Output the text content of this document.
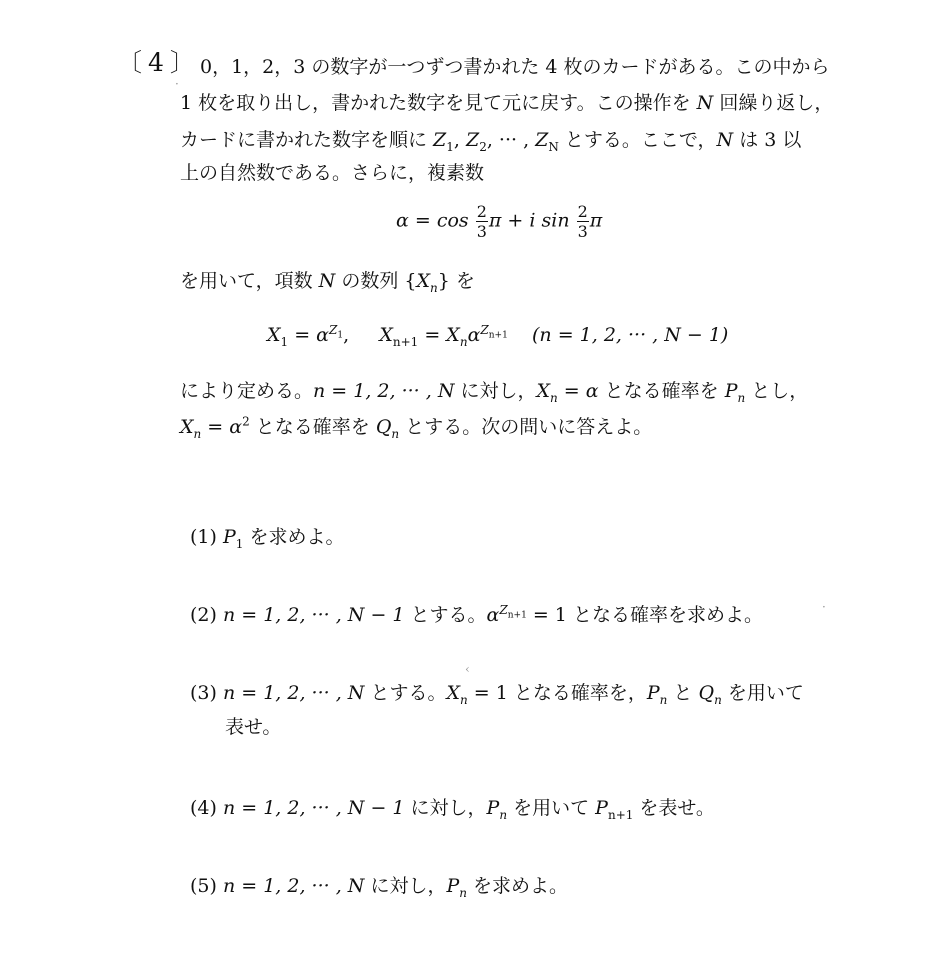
〔4〕 0，1，2，3 の数字が一つずつ書かれた 4 枚のカードがある。この中から
1 枚を取り出し，書かれた数字を見て元に戻す。この操作を N 回繰り返し，
カードに書かれた数字を順に $Z_1$, $Z_2$, ··· , $Z_N$ とする。ここで，N は 3 以
上の自然数である。さらに，複素数
$\alpha = \cos \frac{2}{3}$ π + i $\sin \frac{2}{3}$ π
を用いて，項数 N の数列 $\{X_n\}$ を
$X_1 = \alpha^{Z_1}$,     $X_{n+1} = X_n\alpha^{Z_{n+1}}$ (n = 1, 2, ··· , N − 1)
により定める。n = 1, 2, ··· , N に対し，$X_n = \alpha$ となる確率を $P_n$ とし，
$X_n = \alpha^2$ となる確率を $Q_n$ とする。次の問いに答えよ。
(1) $P_1$ を求めよ。
(2) n = 1, 2, ··· , N − 1 とする。$\alpha^{Z_{n+1}} = 1$ となる確率を求めよ。
(3) n = 1, 2, ··· , N とする。$X_n = 1$ となる確率を，$P_n$ と $Q_n$ を用いて
表せ。
(4) n = 1, 2, ··· , N − 1 に対し，$P_n$ を用いて $P_{n+1}$ を表せ。
(5) n = 1, 2, ··· , N に対し，$P_n$ を求めよ。
·
‹
·
